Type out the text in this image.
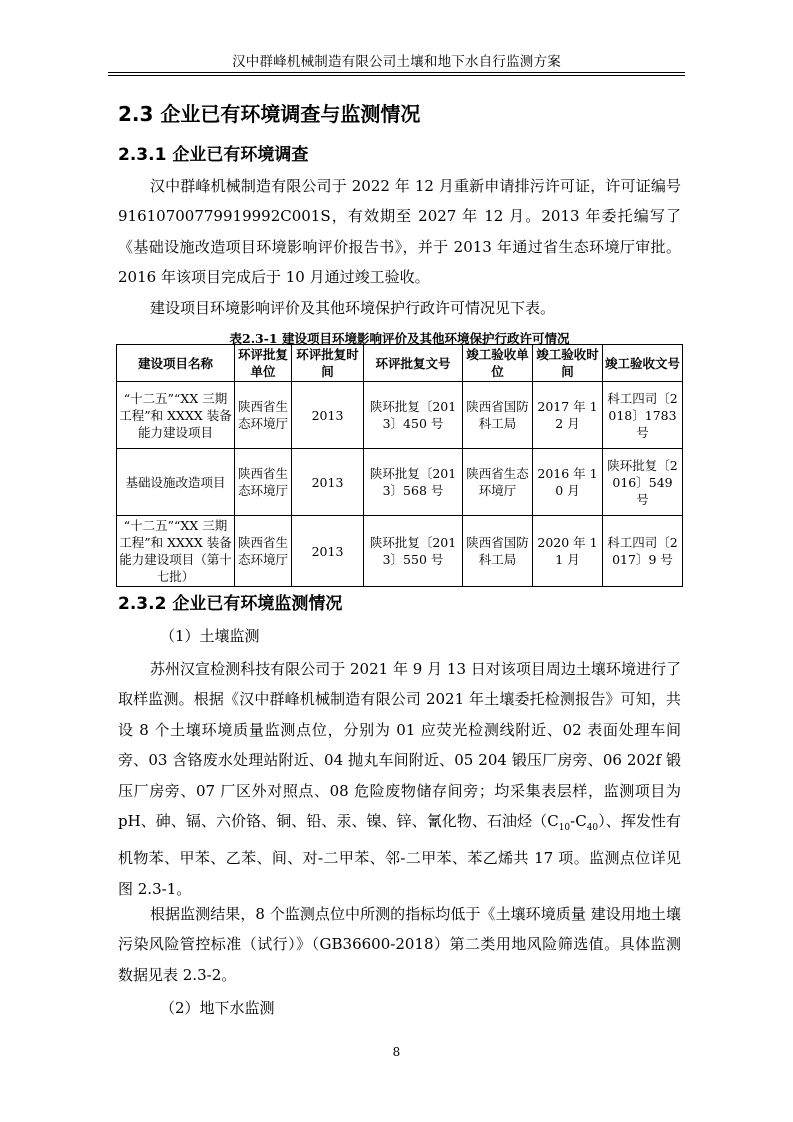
汉中群峰机械制造有限公司土壤和地下水自行监测方案
2.3 企业已有环境调查与监测情况
2.3.1 企业已有环境调查

汉中群峰机械制造有限公司于 2022 年 12 月重新申请排污许可证，许可证编号 91610700779919992C001S，有效期至 2027 年 12 月。2013 年委托编写了《基础设施改造项目环境影响评价报告书》，并于 2013 年通过省生态环境厅审批。2016 年该项目完成后于 10 月通过竣工验收。

建设项目环境影响评价及其他环境保护行政许可情况见下表。

表2.3-1 建设项目环境影响评价及其他环境保护行政许可情况
建设项目名称	环评批复单位	环评批复时间	环评批复文号	竣工验收单位	竣工验收时间	竣工验收文号
“十二五”“XX 三期工程”和 XXXX 装备能力建设项目	陕西省生态环境厅	2013	陕环批复〔2013〕450 号	陕西省国防科工局	2017 年 12 月	科工四司〔2018〕1783 号
基础设施改造项目	陕西省生态环境厅	2013	陕环批复〔2013〕568 号	陕西省生态环境厅	2016 年 10 月	陕环批复〔2016〕549 号
“十二五”“XX 三期工程”和 XXXX 装备能力建设项目（第十七批）	陕西省生态环境厅	2013	陕环批复〔2013〕550 号	陕西省国防科工局	2020 年 11 月	科工四司〔2017〕9 号
2.3.2 企业已有环境监测情况
（1）土壤监测

苏州汉宣检测科技有限公司于 2021 年 9 月 13 日对该项目周边土壤环境进行了取样监测。根据《汉中群峰机械制造有限公司 2021 年土壤委托检测报告》可知，共设 8 个土壤环境质量监测点位，分别为 01 应荧光检测线附近、02 表面处理车间旁、03 含铬废水处理站附近、04 抛丸车间附近、05 204 锻压厂房旁、06 202f 锻压厂房旁、07 厂区外对照点、08 危险废物储存间旁；均采集表层样，监测项目为 pH、砷、镉、六价铬、铜、铅、汞、镍、锌、氰化物、石油烃$(C_{10}-C_{40})$、挥发性有机物苯、甲苯、乙苯、间、对-二甲苯、邻-二甲苯、苯乙烯共 17 项。监测点位详见图 2.3-1。

根据监测结果，8 个监测点位中所测的指标均低于《土壤环境质量 建设用地土壤污染风险管控标准（试行）》（GB36600-2018）第二类用地风险筛选值。具体监测数据见表 2.3-2。

（2）地下水监测
8
